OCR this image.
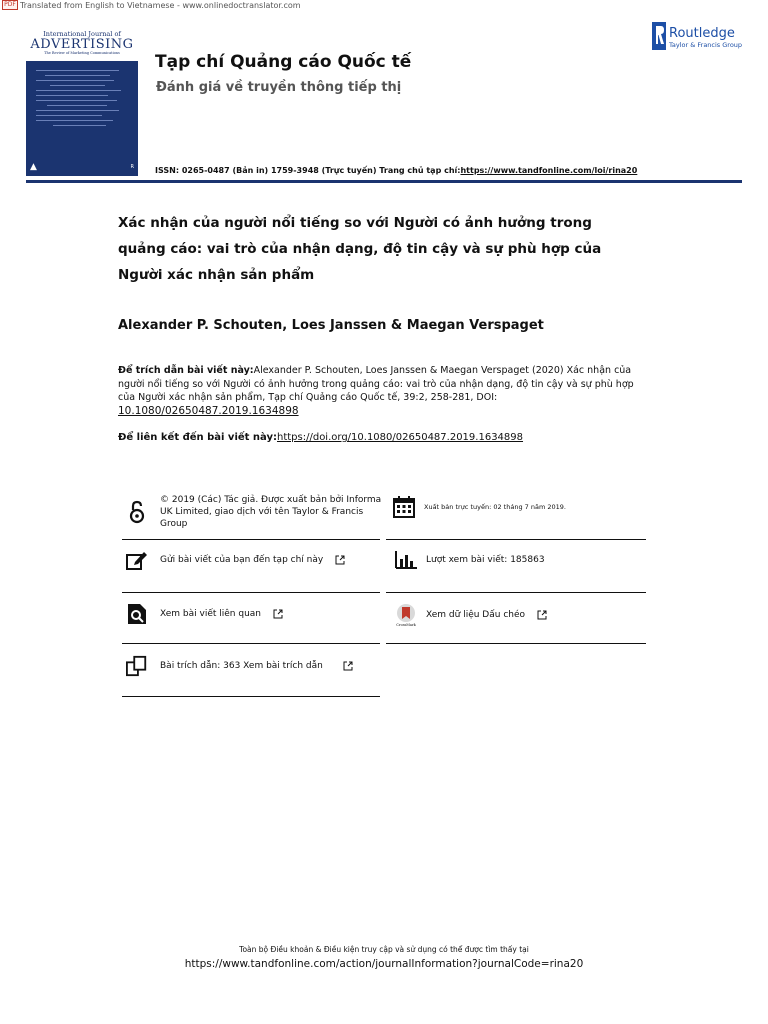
PDF Translated from English to Vietnamese - www.onlinedoctranslator.com
International Journal of
ADVERTISING
The Review of Marketing Communications
▲	R
Tạp chí Quảng cáo Quốc tế
Đánh giá về truyền thông tiếp thị
ISSN: 0265-0487 (Bản in) 1759-3948 (Trực tuyến) Trang chủ tạp chí:https://www.tandfonline.com/loi/rina20
Routledge
Taylor & Francis Group
Xác nhận của người nổi tiếng so với Người có ảnh hưởng trong quảng cáo: vai trò của nhận dạng, độ tin cậy và sự phù hợp của Người xác nhận sản phẩm
Alexander P. Schouten, Loes Janssen & Maegan Verspaget
Để trích dẫn bài viết này:Alexander P. Schouten, Loes Janssen & Maegan Verspaget (2020) Xác nhận của người nổi tiếng so với Người có ảnh hưởng trong quảng cáo: vai trò của nhận dạng, độ tin cậy và sự phù hợp của Người xác nhận sản phẩm, Tạp chí Quảng cáo Quốc tế, 39:2, 258-281, DOI:
10.1080/02650487.2019.1634898
Để liên kết đến bài viết này:https://doi.org/10.1080/02650487.2019.1634898
© 2019 (Các) Tác giả. Được xuất bản bởi Informa UK Limited, giao dịch với tên Taylor & Francis Group
Xuất bản trực tuyến: 02 tháng 7 năm 2019.
Gửi bài viết của bạn đến tạp chí này	Lượt xem bài viết: 185863
Xem bài viết liên quan
CrossMark
Xem dữ liệu Dấu chéo
Bài trích dẫn: 363 Xem bài trích dẫn
Toàn bộ Điều khoản & Điều kiện truy cập và sử dụng có thể được tìm thấy tại
https://www.tandfonline.com/action/journalInformation?journalCode=rina20
